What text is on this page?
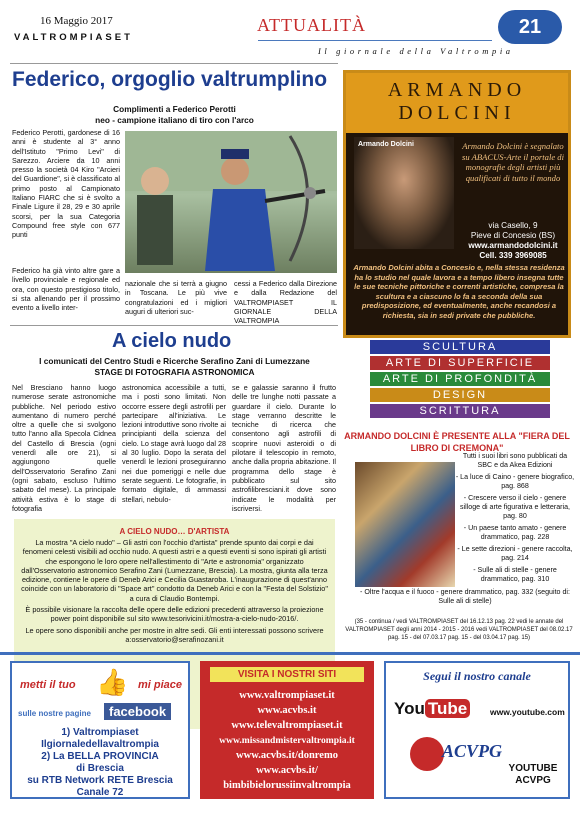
16 Maggio 2017
VALTROMPIASET
ATTUALITÀ
Il giornale della Valtrompia
21
Federico, orgoglio valtrumplino
Complimenti a Federico Perotti
neo - campione italiano di tiro con l'arco

Federico Perotti, gardonese di 16 anni è studente al 3° anno dell'Istituto "Primo Levi" di Sarezzo. Arciere da 10 anni presso la società 04 Kiro "Arcieri del Guardione", si è classificato al primo posto al Campionato Italiano FIARC che si è svolto a Finale Ligure il 28, 29 e 30 aprile scorsi, per la sua Categoria Compound free style con 677 punti

Federico ha già vinto altre gare a livello provinciale e regionale ed ora, con questo prestigioso titolo, si sta allenando per il prossimo evento a livello inter-

nazionale che si terrà a giugno in Toscana. Le più vive congratulazioni ed i migliori auguri di ulteriori suc-

cessi a Federico dalla Direzione e dalla Redazione del VALTROMPIASET IL GIORNALE DELLA VALTROMPIA

A cielo nudo
I comunicati del Centro Studi e Ricerche Serafino Zani di Lumezzane
STAGE DI FOTOGRAFIA ASTRONOMICA

Nel Bresciano hanno luogo numerose serate astronomiche pubbliche. Nel periodo estivo aumentano di numero perché oltre a quelle che si svolgono tutto l'anno alla Specola Cidnea del Castello di Brescia (ogni venerdì alle ore 21), si aggiungono quelle dell'Osservatorio Serafino Zani (ogni sabato, escluso l'ultimo sabato del mese). La principale attività estiva è lo stage di fotografia

astronomica accessibile a tutti, ma i posti sono limitati. Non occorre essere degli astrofili per partecipare all'iniziativa. Le lezioni introduttive sono rivolte ai principianti della scienza del cielo. Lo stage avrà luogo dal 28 al 30 luglio. Dopo la serata del venerdì le lezioni proseguiranno nei due pomeriggi e nelle due serate seguenti. Le fotografie, in formato digitale, di ammassi stellari, nebulo-

se e galassie saranno il frutto delle tre lunghe notti passate a guardare il cielo. Durante lo stage verranno descritte le tecniche di ricerca che consentono agli astrofili di scoprire nuovi asteroidi o di pilotare il telescopio in remoto, anche dalla propria abitazione. Il programma dello stage è pubblicato sul sito astrofilibresciani.it dove sono indicate le modalità per iscriversi.

A CIELO NUDO… D'ARTISTA

La mostra "A cielo nudo" – Gli astri con l'occhio d'artista" prende spunto dai corpi e dai fenomeni celesti visibili ad occhio nudo. A questi astri e a questi eventi si sono ispirati gli artisti che espongono le loro opere nell'allestimento di "Arte e astronomia" organizzato dall'Osservatorio astronomico Serafino Zani (Lumezzane, Brescia). La mostra, giunta alla terza edizione, contiene le opere di Deneb Arici e Cecilia Guastaroba. L'inaugurazione di quest'anno coincide con un laboratorio di "Space art" condotto da Deneb Arici e con la "Festa del Solstizio" a cura di Claudio Bontempi.

È possibile visionare la raccolta delle opere delle edizioni precedenti attraverso la proiezione power point disponibile sul sito www.tesorivicini.it/mostra-a-cielo-nudo-2016/.

Le opere sono disponibili anche per mostre in altre sedi. Gli enti interessati possono scrivere a:osservatorio@serafinozani.it

ARMANDO
DOLCINI
Armando Dolcini	Armando Dolcini è segnalato su ABACUS-Arte il portale di monografie degli artisti più qualificati di tutto il mondo
via Casello, 9
Pieve di Concesio (BS)
www.armandodolcini.it
Cell. 339 3969085
Armando Dolcini abita a Concesio e, nella stessa residenza ha lo studio nel quale lavora e a tempo libero insegna tutte le sue tecniche pittoriche e correnti artistiche, compresa la scultura e a ciascuno lo fa a seconda della sua predisposizione, ed eventualmente, anche recandosi a richiesta, sia in sedi private che pubbliche.
SCULTURA
ARTE DI SUPERFICIE
ARTE DI PROFONDITÀ
DESIGN
SCRITTURA
ARMANDO DOLCINI È PRESENTE ALLA "FIERA DEL LIBRO DI CREMONA"
Tutti i suoi libri sono pubblicati da SBC e da Akea Edizioni
- La luce di Caino - genere biografico, pag. 868
- Crescere verso il cielo - genere silloge di arte figurativa e letteraria, pag. 80
- Un paese tanto amato - genere drammatico, pag. 228
- Le sette direzioni - genere raccolta, pag. 214
- Sulle ali di stelle - genere drammatico, pag. 310
- Oltre l'acqua e il fuoco - genere drammatico, pag. 332 (seguito di: Sulle ali di stelle)
(35 - continua / vedi VALTROMPIASET del 16.12.13 pag. 22 vedi le annate del VALTROMPIASET degli anni 2014 - 2015 - 2016 vedi VALTROMPIASET del 08.02.17 pag. 15 - del 07.03.17 pag. 15 - del 03.04.17 pag. 15)
metti il tuo 👍 mi piace
sulle nostre pagine	facebook
1) Valtrompiaset
Ilgiornaledellavaltrompia
2) La BELLA PROVINCIA
di Brescia
su RTB Network RETE Brescia
Canale 72
VISITA I NOSTRI SITI
www.valtrompiaset.it
www.acvbs.it
www.televaltrompiaset.it
www.missandmistervaltrompia.it
www.acvbs.it/donremo
www.acvbs.it/
bimbibielorussiinvaltrompia
Segui il nostro canale
You Tube	www.youtube.com
ACVPG
YOUTUBE
ACVPG
